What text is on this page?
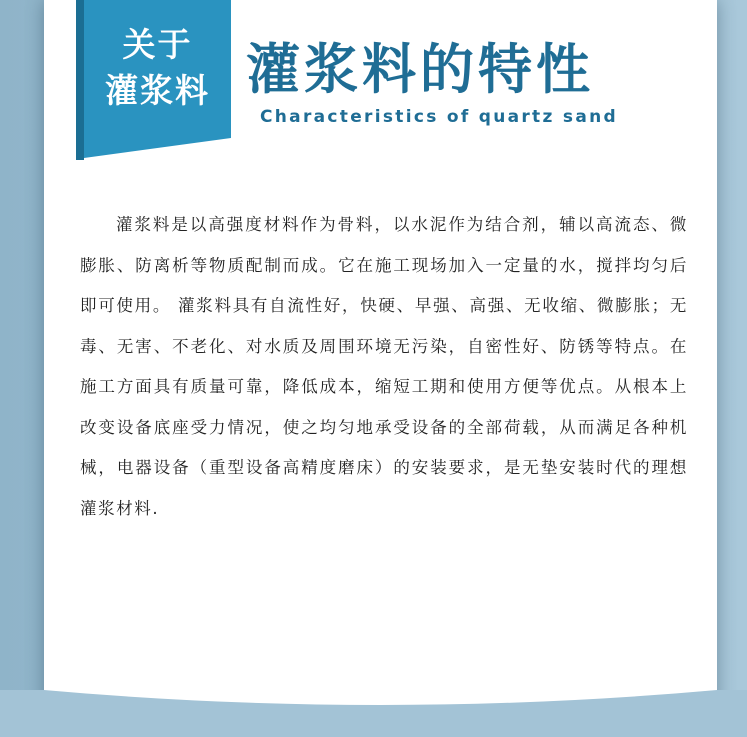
关于
灌浆料 灌浆料的特性
Characteristics of quartz sand
灌浆料是以高强度材料作为骨料，以水泥作为结合剂，辅以高流态、微膨胀、防离析等物质配制而成。它在施工现场加入一定量的水，搅拌均匀后即可使用。 灌浆料具有自流性好，快硬、早强、高强、无收缩、微膨胀；无毒、无害、不老化、对水质及周围环境无污染，自密性好、防锈等特点。在施工方面具有质量可靠，降低成本，缩短工期和使用方便等优点。从根本上改变设备底座受力情况，使之均匀地承受设备的全部荷载，从而满足各种机械，电器设备（重型设备高精度磨床）的安装要求，是无垫安装时代的理想灌浆材料.
